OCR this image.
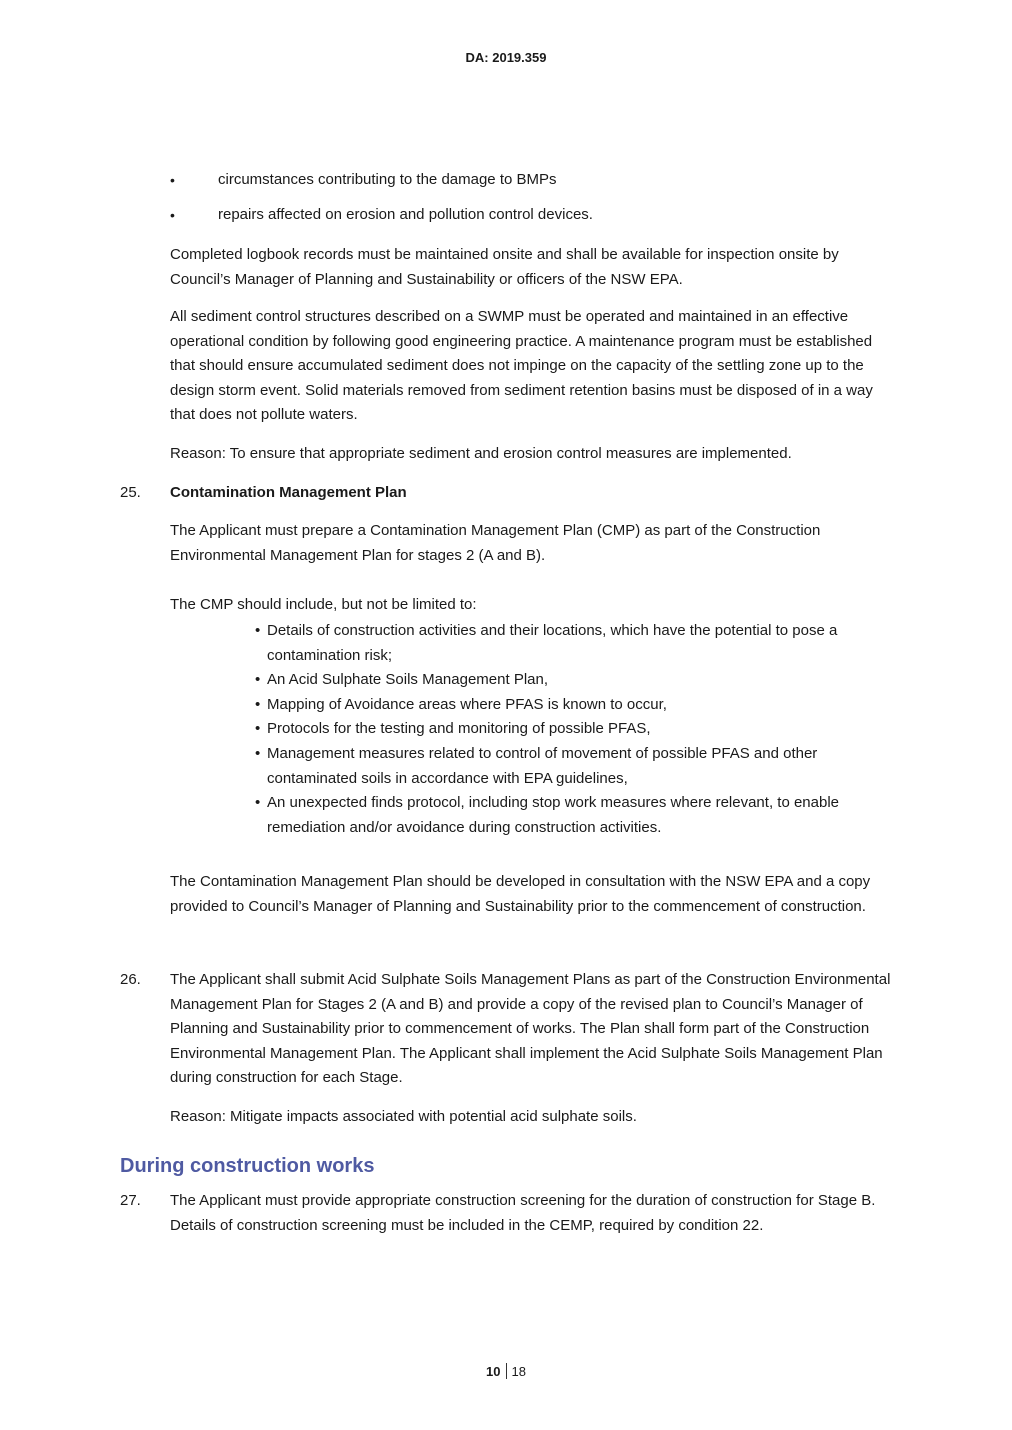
DA: 2019.359
•	circumstances contributing to the damage to BMPs
•	repairs affected on erosion and pollution control devices.

Completed logbook records must be maintained onsite and shall be available for inspection onsite by Council’s Manager of Planning and Sustainability or officers of the NSW EPA.

All sediment control structures described on a SWMP must be operated and maintained in an effective operational condition by following good engineering practice. A maintenance program must be established that should ensure accumulated sediment does not impinge on the capacity of the settling zone up to the design storm event. Solid materials removed from sediment retention basins must be disposed of in a way that does not pollute waters.

Reason: To ensure that appropriate sediment and erosion control measures are implemented.

25.	Contamination Management Plan

The Applicant must prepare a Contamination Management Plan (CMP) as part of the Construction Environmental Management Plan for stages 2 (A and B).

The CMP should include, but not be limited to:

• Details of construction activities and their locations, which have the potential to pose a contamination risk;
• An Acid Sulphate Soils Management Plan,
• Mapping of Avoidance areas where PFAS is known to occur,
• Protocols for the testing and monitoring of possible PFAS,
• Management measures related to control of movement of possible PFAS and other contaminated soils in accordance with EPA guidelines,
• An unexpected finds protocol, including stop work measures where relevant, to enable remediation and/or avoidance during construction activities.

The Contamination Management Plan should be developed in consultation with the NSW EPA and a copy provided to Council’s Manager of Planning and Sustainability prior to the commencement of construction.

26.	The Applicant shall submit Acid Sulphate Soils Management Plans as part of the Construction Environmental Management Plan for Stages 2 (A and B) and provide a copy of the revised plan to Council’s Manager of Planning and Sustainability prior to commencement of works. The Plan shall form part of the Construction Environmental Management Plan. The Applicant shall implement the Acid Sulphate Soils Management Plan during construction for each Stage.

Reason: Mitigate impacts associated with potential acid sulphate soils.

During construction works
27.	The Applicant must provide appropriate construction screening for the duration of construction for Stage B. Details of construction screening must be included in the CEMP, required by condition 22.

10 18
